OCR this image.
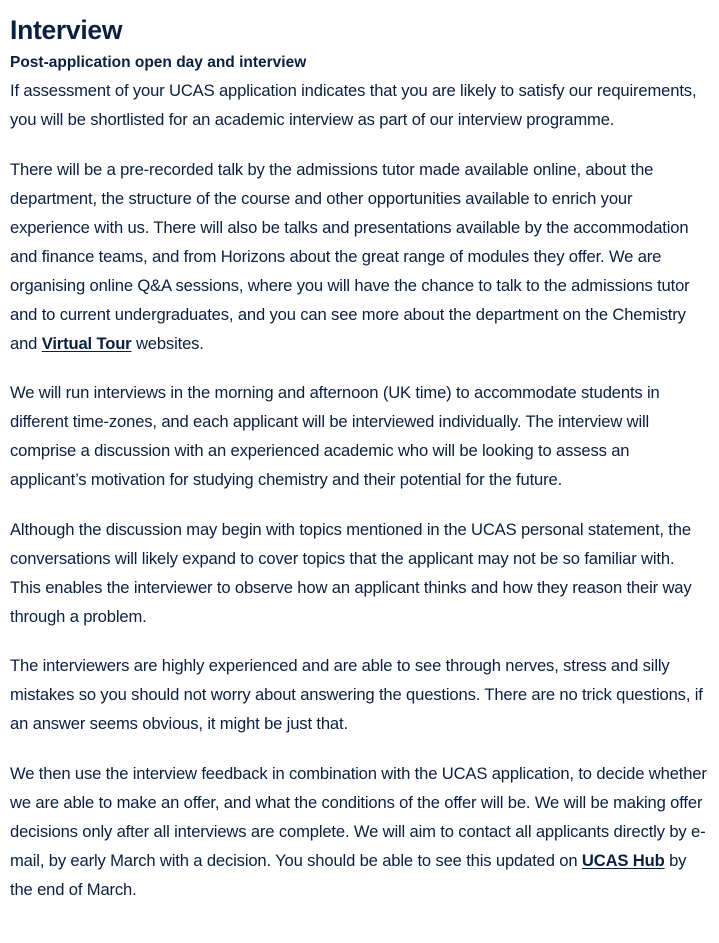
Interview
Post-application open day and interview

If assessment of your UCAS application indicates that you are likely to satisfy our requirements, you will be shortlisted for an academic interview as part of our interview programme.

There will be a pre-recorded talk by the admissions tutor made available online, about the department, the structure of the course and other opportunities available to enrich your experience with us. There will also be talks and presentations available by the accommodation and finance teams, and from Horizons about the great range of modules they offer. We are organising online Q&A sessions, where you will have the chance to talk to the admissions tutor and to current undergraduates, and you can see more about the department on the Chemistry and Virtual Tour websites.

We will run interviews in the morning and afternoon (UK time) to accommodate students in different time-zones, and each applicant will be interviewed individually. The interview will comprise a discussion with an experienced academic who will be looking to assess an applicant’s motivation for studying chemistry and their potential for the future.

Although the discussion may begin with topics mentioned in the UCAS personal statement, the conversations will likely expand to cover topics that the applicant may not be so familiar with. This enables the interviewer to observe how an applicant thinks and how they reason their way through a problem.

The interviewers are highly experienced and are able to see through nerves, stress and silly mistakes so you should not worry about answering the questions. There are no trick questions, if an answer seems obvious, it might be just that.

We then use the interview feedback in combination with the UCAS application, to decide whether we are able to make an offer, and what the conditions of the offer will be. We will be making offer decisions only after all interviews are complete. We will aim to contact all applicants directly by e-mail, by early March with a decision. You should be able to see this updated on UCAS Hub by the end of March.
